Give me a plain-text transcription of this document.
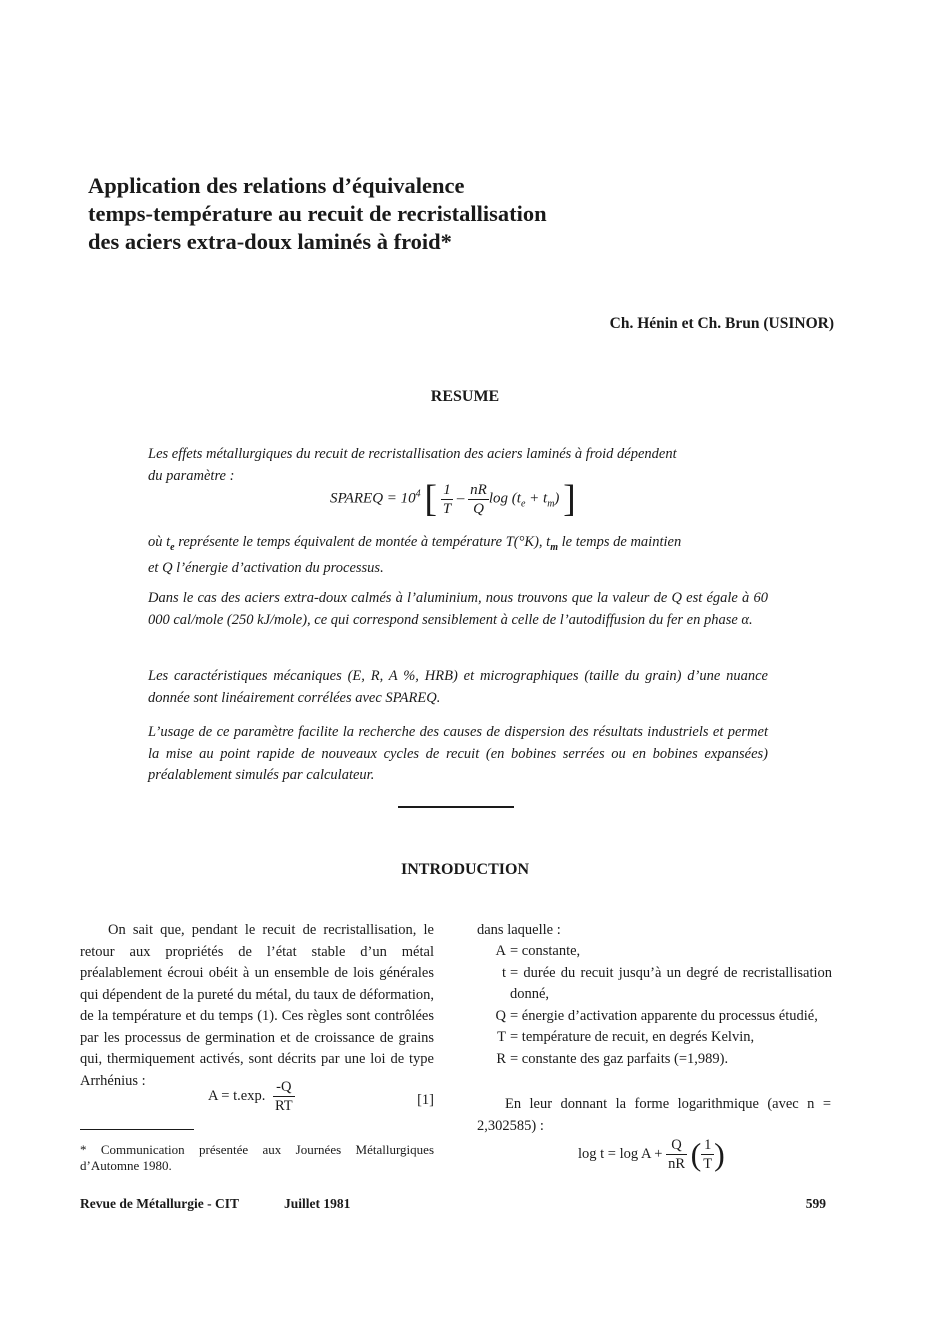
Application des relations d’équivalence
temps-température au recuit de recristallisation
des aciers extra-doux laminés à froid*
Ch. Hénin et Ch. Brun (USINOR)
RESUME
Les effets métallurgiques du recuit de recristallisation des aciers laminés à froid dépendent
du paramètre :
SPAREQ = $10^4$ [ $\frac{1}{T} - \frac{nR}{Q}$ $\log (t_e + t_m)$ ]
où $t_e$ représente le temps équivalent de montée à température T(°K), $t_m$ le temps de maintien
et Q l’énergie d’activation du processus.
Dans le cas des aciers extra-doux calmés à l’aluminium, nous trouvons que la valeur de Q est égale à 60 000 cal/mole (250 kJ/mole), ce qui correspond sensiblement à celle de l’autodiffusion du fer en phase α.
Les caractéristiques mécaniques (E, R, A %, HRB) et micrographiques (taille du grain) d’une nuance donnée sont linéairement corrélées avec SPAREQ.
L’usage de ce paramètre facilite la recherche des causes de dispersion des résultats industriels et permet la mise au point rapide de nouveaux cycles de recuit (en bobines serrées ou en bobines expansées) préalablement simulés par calculateur.
INTRODUCTION
On sait que, pendant le recuit de recristallisation, le retour aux propriétés de l’état stable d’un métal préalablement écroui obéit à un ensemble de lois générales qui dépendent de la pureté du métal, du taux de déformation, de la température et du temps (1). Ces règles sont contrôlées par les processus de germination et de croissance de grains qui, thermiquement activés, sont décrits par une loi de type Arrhénius :
A = t.exp. $\frac{-Q}{RT}$	[1]
* Communication présentée aux Journées Métallurgiques d’Automne 1980.
dans laquelle :
A = constante,
t = durée du recuit jusqu’à un degré de recristallisation donné,
Q = énergie d’activation apparente du processus étudié,
T = température de recuit, en degrés Kelvin,
R = constante des gaz parfaits (=1,989).
En leur donnant la forme logarithmique (avec n = 2,302585) :
$\log t = \log A + \frac{Q}{nR}$ ( $\frac{1}{T}$ )
Revue de Métallurgie - CIT	Juillet 1981	599
